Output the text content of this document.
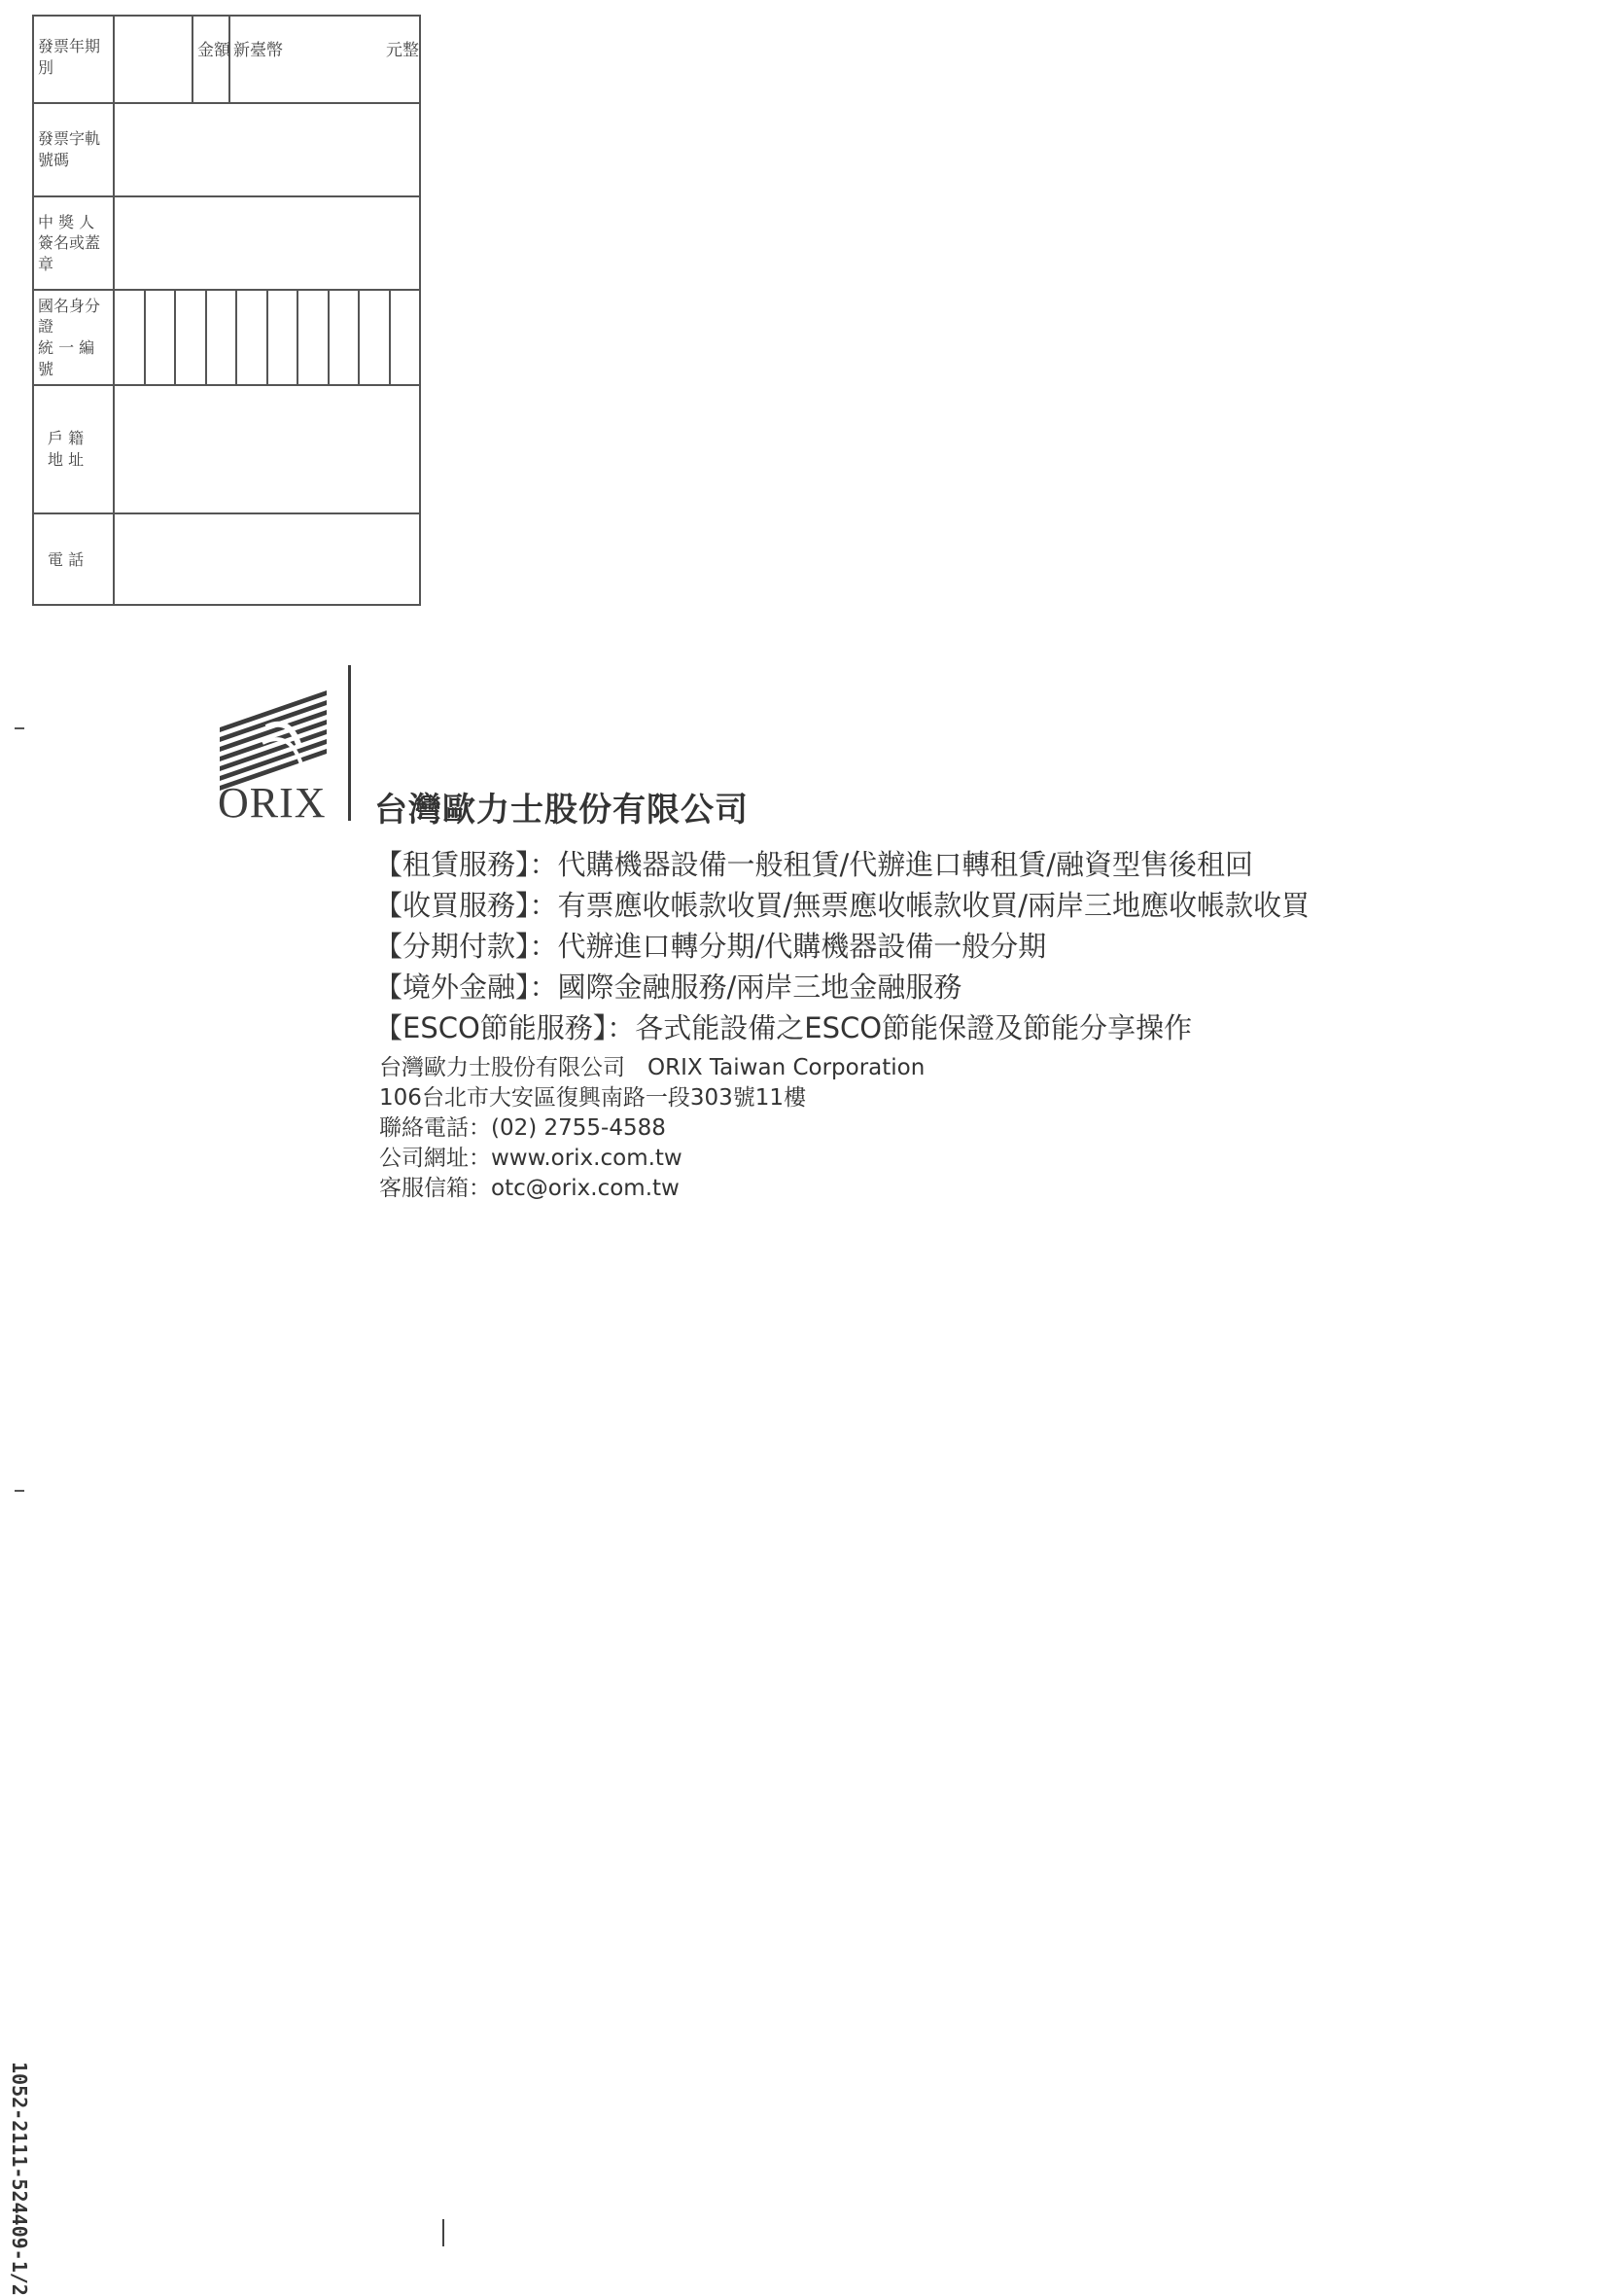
發票年期別
金額 新臺幣	元整
發票字軌號碼
中 獎 人
簽名或蓋章
國名身分證
統 一 編 號
戶 籍
地 址
電 話
ORIX 台灣歐力士股份有限公司
【租賃服務】：代購機器設備一般租賃/代辦進口轉租賃/融資型售後租回
【收買服務】：有票應收帳款收買/無票應收帳款收買/兩岸三地應收帳款收買
【分期付款】：代辦進口轉分期/代購機器設備一般分期
【境外金融】：國際金融服務/兩岸三地金融服務
【ESCO節能服務】：各式能設備之ESCO節能保證及節能分享操作
台灣歐力士股份有限公司　ORIX Taiwan Corporation
106台北市大安區復興南路一段303號11樓
聯絡電話：(02) 2755-4588
公司網址：www.orix.com.tw
客服信箱：otc@orix.com.tw
1052-2111-524409-1/2
